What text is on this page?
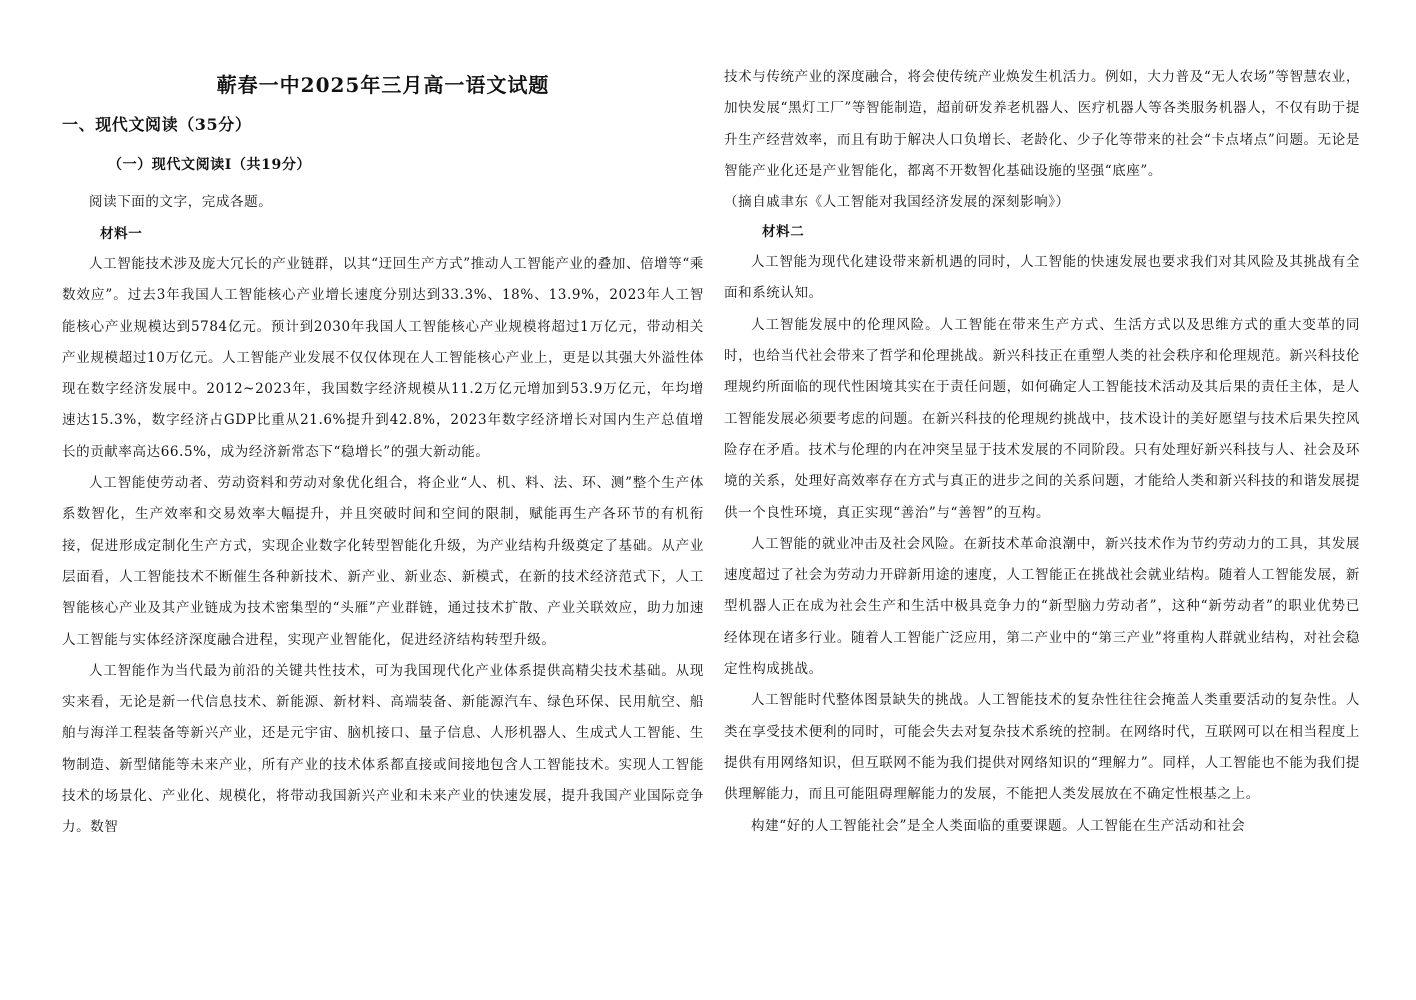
蕲春一中2025年三月高一语文试题
一、现代文阅读（35分）
（一）现代文阅读Ⅰ（共19分）

阅读下面的文字，完成各题。

材料一

人工智能技术涉及庞大冗长的产业链群，以其“迂回生产方式”推动人工智能产业的叠加、倍增等“乘数效应”。过去3年我国人工智能核心产业增长速度分别达到33.3%、18%、13.9%，2023年人工智能核心产业规模达到5784亿元。预计到2030年我国人工智能核心产业规模将超过1万亿元，带动相关产业规模超过10万亿元。人工智能产业发展不仅仅体现在人工智能核心产业上，更是以其强大外溢性体现在数字经济发展中。2012~2023年，我国数字经济规模从11.2万亿元增加到53.9万亿元，年均增速达15.3%，数字经济占GDP比重从21.6%提升到42.8%，2023年数字经济增长对国内生产总值增长的贡献率高达66.5%，成为经济新常态下“稳增长”的强大新动能。

人工智能使劳动者、劳动资料和劳动对象优化组合，将企业“人、机、料、法、环、测”整个生产体系数智化，生产效率和交易效率大幅提升，并且突破时间和空间的限制，赋能再生产各环节的有机衔接，促进形成定制化生产方式，实现企业数字化转型智能化升级，为产业结构升级奠定了基础。从产业层面看，人工智能技术不断催生各种新技术、新产业、新业态、新模式，在新的技术经济范式下，人工智能核心产业及其产业链成为技术密集型的“头雁”产业群链，通过技术扩散、产业关联效应，助力加速人工智能与实体经济深度融合进程，实现产业智能化，促进经济结构转型升级。

人工智能作为当代最为前沿的关键共性技术，可为我国现代化产业体系提供高精尖技术基础。从现实来看，无论是新一代信息技术、新能源、新材料、高端装备、新能源汽车、绿色环保、民用航空、船舶与海洋工程装备等新兴产业，还是元宇宙、脑机接口、量子信息、人形机器人、生成式人工智能、生物制造、新型储能等未来产业，所有产业的技术体系都直接或间接地包含人工智能技术。实现人工智能技术的场景化、产业化、规模化，将带动我国新兴产业和未来产业的快速发展，提升我国产业国际竞争力。数智

技术与传统产业的深度融合，将会使传统产业焕发生机活力。例如，大力普及“无人农场”等智慧农业，加快发展“黑灯工厂”等智能制造，超前研发养老机器人、医疗机器人等各类服务机器人，不仅有助于提升生产经营效率，而且有助于解决人口负增长、老龄化、少子化等带来的社会“卡点堵点”问题。无论是智能产业化还是产业智能化，都离不开数智化基础设施的坚强“底座”。

（摘自戚聿东《人工智能对我国经济发展的深刻影响》）

材料二

人工智能为现代化建设带来新机遇的同时，人工智能的快速发展也要求我们对其风险及其挑战有全面和系统认知。

人工智能发展中的伦理风险。人工智能在带来生产方式、生活方式以及思维方式的重大变革的同时，也给当代社会带来了哲学和伦理挑战。新兴科技正在重塑人类的社会秩序和伦理规范。新兴科技伦理规约所面临的现代性困境其实在于责任问题，如何确定人工智能技术活动及其后果的责任主体，是人工智能发展必须要考虑的问题。在新兴科技的伦理规约挑战中，技术设计的美好愿望与技术后果失控风险存在矛盾。技术与伦理的内在冲突呈显于技术发展的不同阶段。只有处理好新兴科技与人、社会及环境的关系，处理好高效率存在方式与真正的进步之间的关系问题，才能给人类和新兴科技的和谐发展提供一个良性环境，真正实现“善治”与“善智”的互构。

人工智能的就业冲击及社会风险。在新技术革命浪潮中，新兴技术作为节约劳动力的工具，其发展速度超过了社会为劳动力开辟新用途的速度，人工智能正在挑战社会就业结构。随着人工智能发展，新型机器人正在成为社会生产和生活中极具竞争力的“新型脑力劳动者”，这种“新劳动者”的职业优势已经体现在诸多行业。随着人工智能广泛应用，第二产业中的“第三产业”将重构人群就业结构，对社会稳定性构成挑战。

人工智能时代整体图景缺失的挑战。人工智能技术的复杂性往往会掩盖人类重要活动的复杂性。人类在享受技术便利的同时，可能会失去对复杂技术系统的控制。在网络时代，互联网可以在相当程度上提供有用网络知识，但互联网不能为我们提供对网络知识的“理解力”。同样，人工智能也不能为我们提供理解能力，而且可能阻碍理解能力的发展，不能把人类发展放在不确定性根基之上。

构建“好的人工智能社会”是全人类面临的重要课题。人工智能在生产活动和社会
